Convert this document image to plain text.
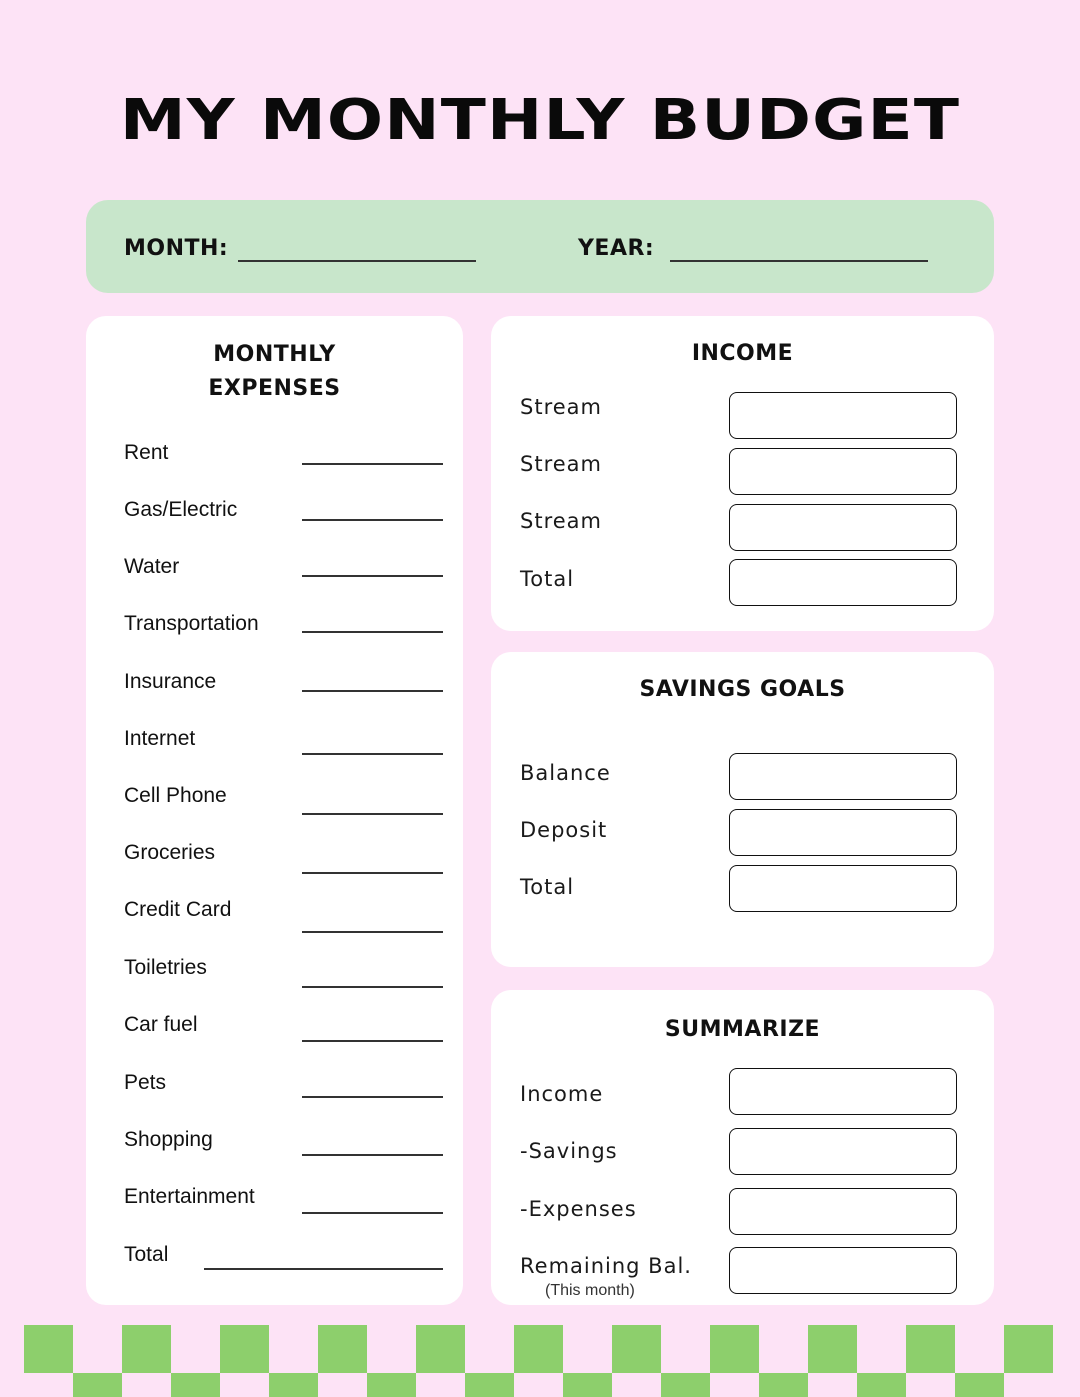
MY MONTHLY BUDGET
MONTH:	YEAR:
MONTHLY
EXPENSES
Rent
Gas/Electric
Water
Transportation
Insurance
Internet
Cell Phone
Groceries
Credit Card
Toiletries
Car fuel
Pets
Shopping
Entertainment
Total
INCOME
Stream
Stream
Stream
Total
SAVINGS GOALS
Balance
Deposit
Total
SUMMARIZE
Income
-Savings
-Expenses
Remaining Bal.
(This month)
